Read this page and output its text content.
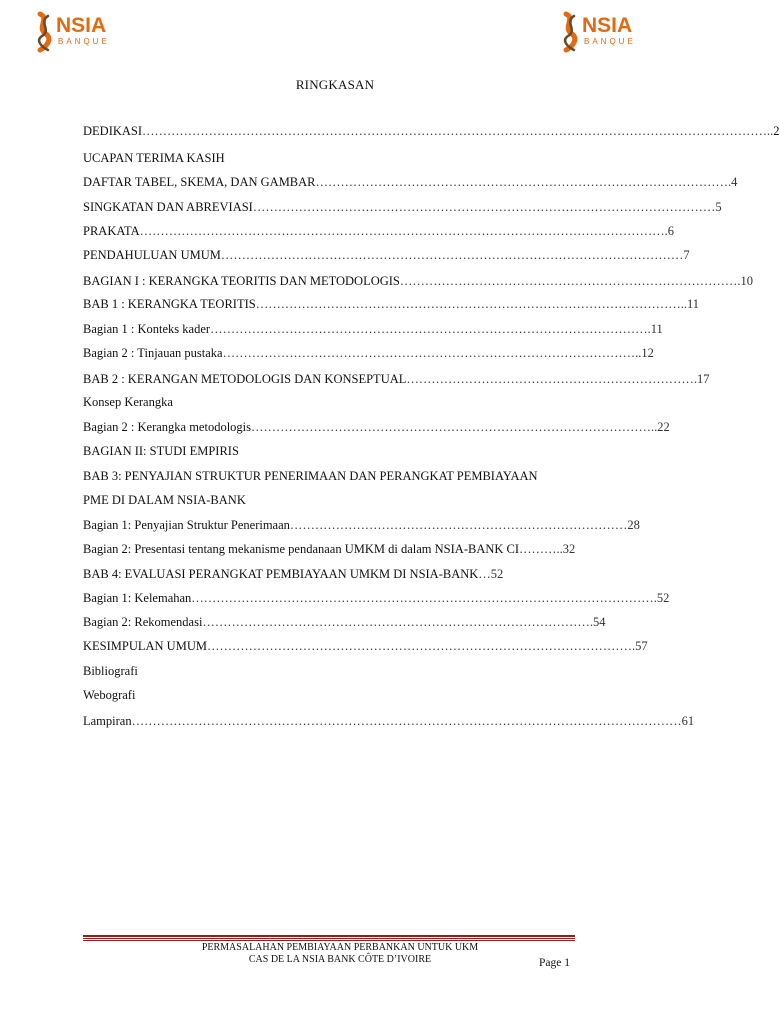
NSIA
BANQUE
NSIA
BANQUE
RINGKASAN
DEDIKASI……………………………………………………………………………………………………………………………………..2
UCAPAN TERIMA KASIH
DAFTAR TABEL, SKEMA, DAN GAMBAR……………………………………………………………………………………….4
SINGKATAN DAN ABREVIASI…………………………………………………………………………………………………5
PRAKATA……………………………………………………………………………………………………………….6
PENDAHULUAN UMUM…………………………………………………………………………………………………7
BAGIAN I : KERANGKA TEORITIS DAN METODOLOGIS……………………………………………………………………….10
BAB 1 : KERANGKA TEORITIS…………………………………………………………………………………………..11
Bagian 1 : Konteks kader…………………………………………………………………………………………….11
Bagian 2 : Tinjauan pustaka………………………………………………………………………………………..12
BAB 2 : KERANGAN METODOLOGIS DAN KONSEPTUAL…………………………………………………………….17
Konsep Kerangka
Bagian 2 : Kerangka metodologis……………………………………………………………………………………..22
BAGIAN II: STUDI EMPIRIS
BAB 3: PENYAJIAN STRUKTUR PENERIMAAN DAN PERANGKAT PEMBIAYAAN
PME DI DALAM NSIA-BANK
Bagian 1: Penyajian Struktur Penerimaan………………………………………………………………………28
Bagian 2: Presentasi tentang mekanisme pendanaan UMKM di dalam NSIA-BANK CI………..32
BAB 4: EVALUASI PERANGKAT PEMBIAYAAN UMKM DI NSIA-BANK…52
Bagian 1: Kelemahan………………………………………………………………………………………………….52
Bagian 2: Rekomendasi………………………………………………………………………………….54
KESIMPULAN UMUM………………………………………………………………………………………….57
Bibliografi
Webografi
Lampiran……………………………………………………………………………………………………………………61
PERMASALAHAN PEMBIAYAAN PERBANKAN UNTUK UKM
CAS DE LA NSIA BANK CÔTE D’IVOIRE	Page 1
